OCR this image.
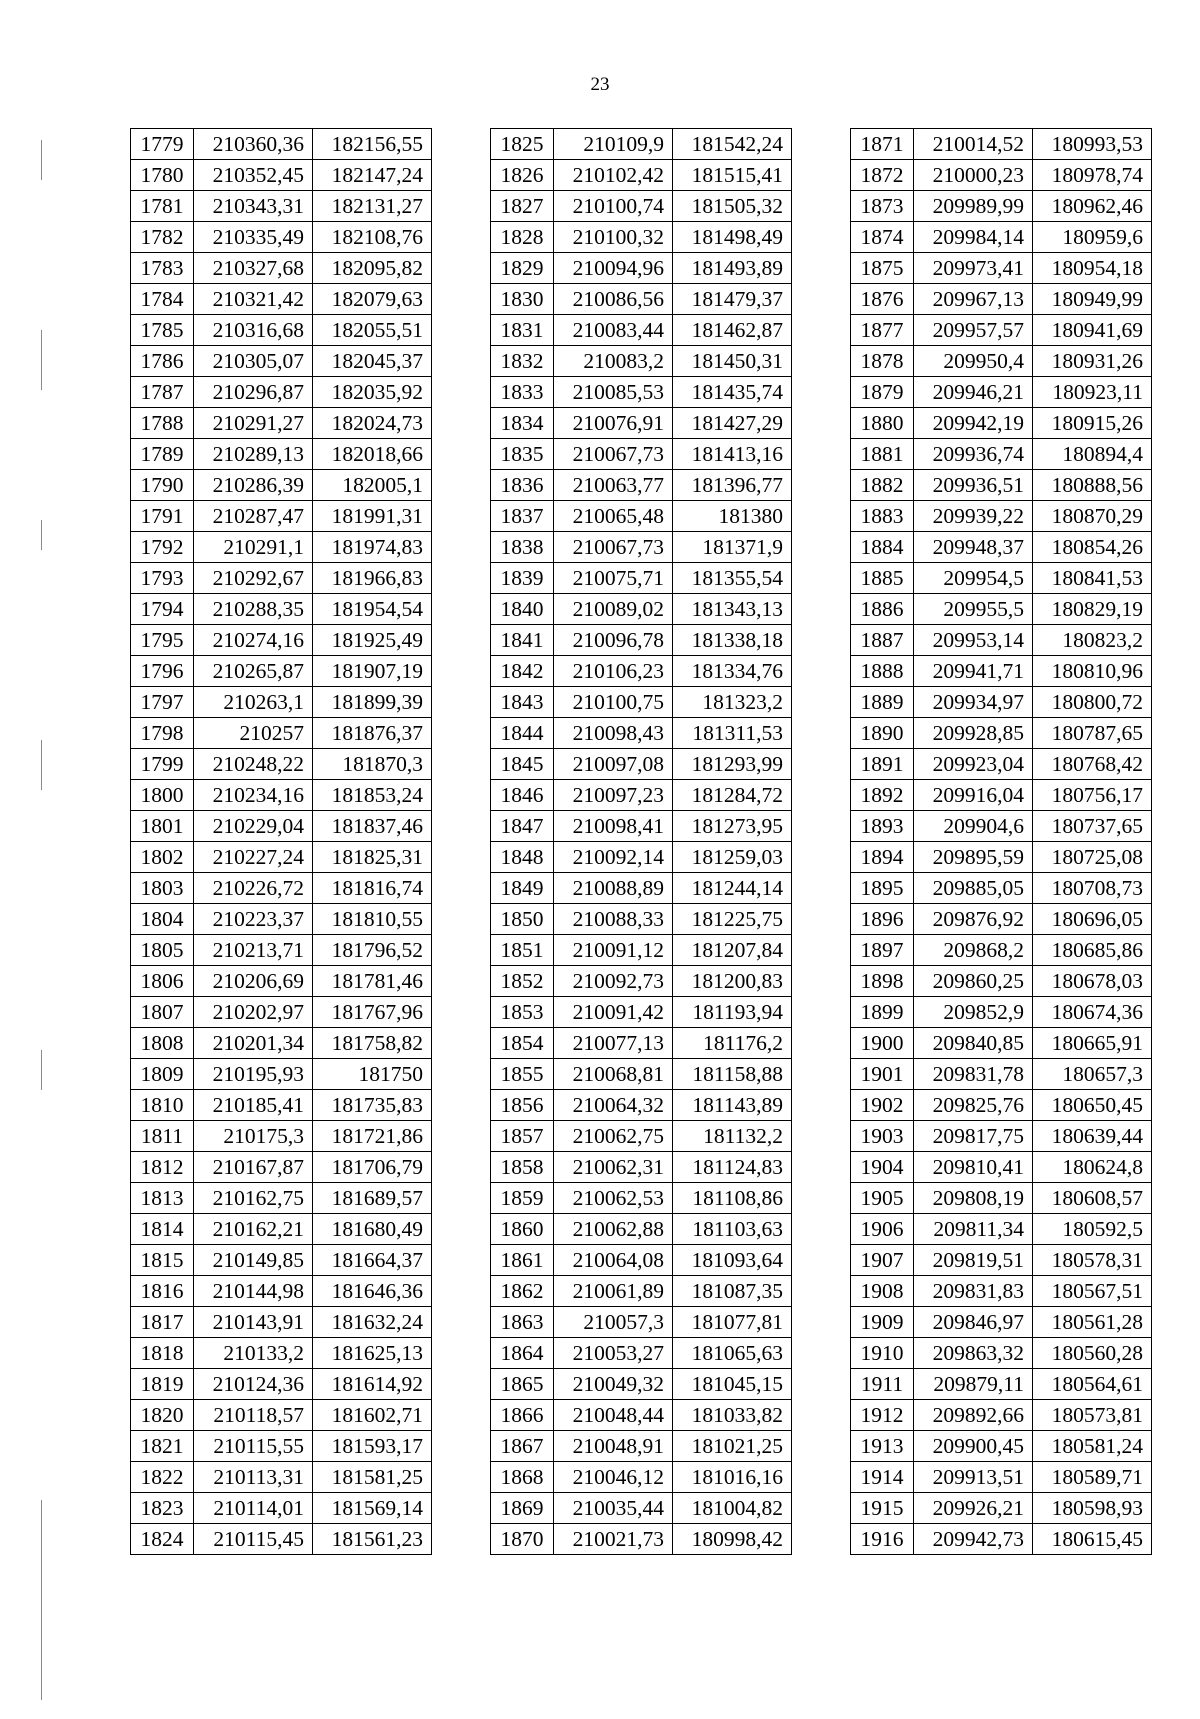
23
1779	210360,36	182156,55
1780	210352,45	182147,24
1781	210343,31	182131,27
1782	210335,49	182108,76
1783	210327,68	182095,82
1784	210321,42	182079,63
1785	210316,68	182055,51
1786	210305,07	182045,37
1787	210296,87	182035,92
1788	210291,27	182024,73
1789	210289,13	182018,66
1790	210286,39	182005,1
1791	210287,47	181991,31
1792	210291,1	181974,83
1793	210292,67	181966,83
1794	210288,35	181954,54
1795	210274,16	181925,49
1796	210265,87	181907,19
1797	210263,1	181899,39
1798	210257	181876,37
1799	210248,22	181870,3
1800	210234,16	181853,24
1801	210229,04	181837,46
1802	210227,24	181825,31
1803	210226,72	181816,74
1804	210223,37	181810,55
1805	210213,71	181796,52
1806	210206,69	181781,46
1807	210202,97	181767,96
1808	210201,34	181758,82
1809	210195,93	181750
1810	210185,41	181735,83
1811	210175,3	181721,86
1812	210167,87	181706,79
1813	210162,75	181689,57
1814	210162,21	181680,49
1815	210149,85	181664,37
1816	210144,98	181646,36
1817	210143,91	181632,24
1818	210133,2	181625,13
1819	210124,36	181614,92
1820	210118,57	181602,71
1821	210115,55	181593,17
1822	210113,31	181581,25
1823	210114,01	181569,14
1824	210115,45	181561,23
1825	210109,9	181542,24
1826	210102,42	181515,41
1827	210100,74	181505,32
1828	210100,32	181498,49
1829	210094,96	181493,89
1830	210086,56	181479,37
1831	210083,44	181462,87
1832	210083,2	181450,31
1833	210085,53	181435,74
1834	210076,91	181427,29
1835	210067,73	181413,16
1836	210063,77	181396,77
1837	210065,48	181380
1838	210067,73	181371,9
1839	210075,71	181355,54
1840	210089,02	181343,13
1841	210096,78	181338,18
1842	210106,23	181334,76
1843	210100,75	181323,2
1844	210098,43	181311,53
1845	210097,08	181293,99
1846	210097,23	181284,72
1847	210098,41	181273,95
1848	210092,14	181259,03
1849	210088,89	181244,14
1850	210088,33	181225,75
1851	210091,12	181207,84
1852	210092,73	181200,83
1853	210091,42	181193,94
1854	210077,13	181176,2
1855	210068,81	181158,88
1856	210064,32	181143,89
1857	210062,75	181132,2
1858	210062,31	181124,83
1859	210062,53	181108,86
1860	210062,88	181103,63
1861	210064,08	181093,64
1862	210061,89	181087,35
1863	210057,3	181077,81
1864	210053,27	181065,63
1865	210049,32	181045,15
1866	210048,44	181033,82
1867	210048,91	181021,25
1868	210046,12	181016,16
1869	210035,44	181004,82
1870	210021,73	180998,42
1871	210014,52	180993,53
1872	210000,23	180978,74
1873	209989,99	180962,46
1874	209984,14	180959,6
1875	209973,41	180954,18
1876	209967,13	180949,99
1877	209957,57	180941,69
1878	209950,4	180931,26
1879	209946,21	180923,11
1880	209942,19	180915,26
1881	209936,74	180894,4
1882	209936,51	180888,56
1883	209939,22	180870,29
1884	209948,37	180854,26
1885	209954,5	180841,53
1886	209955,5	180829,19
1887	209953,14	180823,2
1888	209941,71	180810,96
1889	209934,97	180800,72
1890	209928,85	180787,65
1891	209923,04	180768,42
1892	209916,04	180756,17
1893	209904,6	180737,65
1894	209895,59	180725,08
1895	209885,05	180708,73
1896	209876,92	180696,05
1897	209868,2	180685,86
1898	209860,25	180678,03
1899	209852,9	180674,36
1900	209840,85	180665,91
1901	209831,78	180657,3
1902	209825,76	180650,45
1903	209817,75	180639,44
1904	209810,41	180624,8
1905	209808,19	180608,57
1906	209811,34	180592,5
1907	209819,51	180578,31
1908	209831,83	180567,51
1909	209846,97	180561,28
1910	209863,32	180560,28
1911	209879,11	180564,61
1912	209892,66	180573,81
1913	209900,45	180581,24
1914	209913,51	180589,71
1915	209926,21	180598,93
1916	209942,73	180615,45
